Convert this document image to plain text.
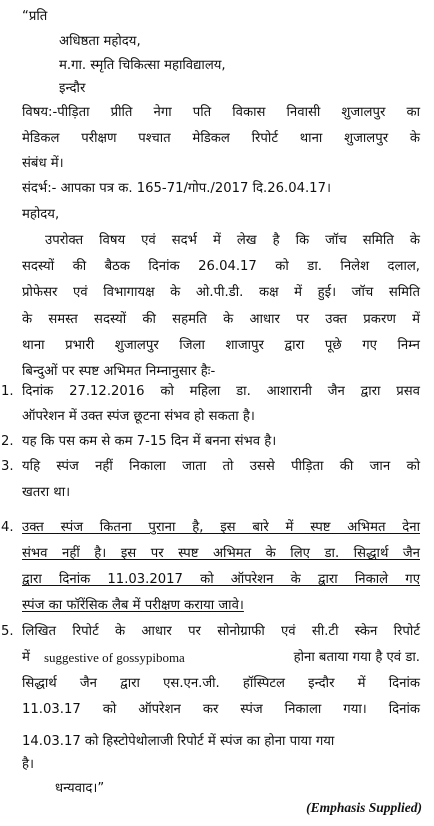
“प्रति
अधिष्ठता महोदय,
म.गा. स्मृति चिकित्सा महाविद्यालय,
इन्दौर
विषय:-पीड़िता प्रीति नेगा पति विकास निवासी शुजालपुर का
मेडिकल परीक्षण पश्चात मेडिकल रिपोर्ट थाना शुजालपुर के
संबंध में।
संदर्भ:- आपका पत्र क. 165-71/गोप./2017 दि.26.04.17।
महोदय,
उपरोक्त विषय एवं सदर्भ में लेख है कि जॉच समिति के
सदस्यों की बैठक दिनांक 26.04.17 को डा. निलेश दलाल,
प्रोफेसर एवं विभागायक्ष के ओ.पी.डी. कक्ष में हुई। जॉच समिति
के समस्त सदस्यों की सहमति के आधार पर उक्त प्रकरण में
थाना प्रभारी शुजालपुर जिला शाजापुर द्वारा पूछे गए निम्न
बिन्दुओं पर स्पष्ट अभिमत निम्नानुसार हैः-
1. दिनांक 27.12.2016 को महिला डा. आशारानी जैन द्वारा प्रसव
ऑपरेशन में उक्त स्पंज छूटना संभव हो सकता है।
2. यह कि पस कम से कम 7-15 दिन में बनना संभव है।
3. यहि स्पंज नहीं निकाला जाता तो उससे पीड़िता की जान को
खतरा था।
4. उक्त स्पंज कितना पुराना है, इस बारे में स्पष्ट अभिमत देना
संभव नहीं है। इस पर स्पष्ट अभिमत के लिए डा. सिद्धार्थ जैन
द्वारा दिनांक 11.03.2017 को ऑपरेशन के द्वारा निकाले गए
स्पंज का फॉरेंसिक लैब में परीक्षण कराया जावे।
5. लिखित रिपोर्ट के आधार पर सोनोग्राफी एवं सी.टी स्केन रिपोर्ट
में suggestive of gossypiboma	होना बताया गया है एवं डा.
सिद्धार्थ जैन द्वारा एस.एन.जी. हॉस्पिटल इन्दौर में दिनांक
11.03.17 को ऑपरेशन कर स्पंज निकाला गया। दिनांक
14.03.17 को हिस्टोपेथोलाजी रिपोर्ट में स्पंज का होना पाया गया
है।
धन्यवाद।”
(Emphasis Supplied)
